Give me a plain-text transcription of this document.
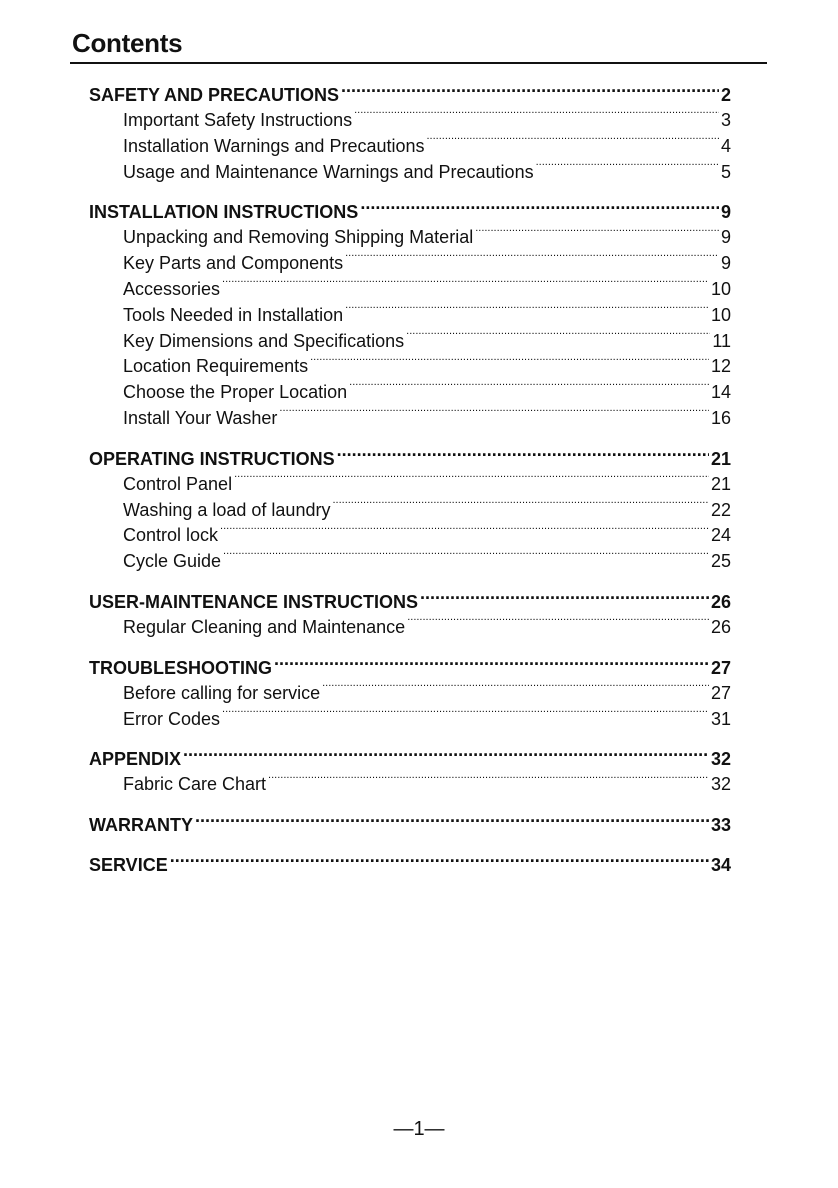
Contents
SAFETY AND PRECAUTIONS .....	2
Important Safety Instructions .....	3
Installation Warnings and Precautions .....	4
Usage and Maintenance Warnings and Precautions .....	5
INSTALLATION INSTRUCTIONS .....	9
Unpacking and Removing Shipping Material .....	9
Key Parts and Components .....	9
Accessories .....	10
Tools Needed in Installation .....	10
Key Dimensions and Specifications .....	11
Location Requirements .....	12
Choose the Proper Location .....	14
Install Your Washer .....	16
OPERATING INSTRUCTIONS .....	21
Control Panel .....	21
Washing a load of laundry .....	22
Control lock .....	24
Cycle Guide .....	25
USER-MAINTENANCE INSTRUCTIONS .....	26
Regular Cleaning and Maintenance .....	26
TROUBLESHOOTING .....	27
Before calling for service .....	27
Error Codes .....	31
APPENDIX .....	32
Fabric Care Chart .....	32
WARRANTY .....	33
SERVICE .....	34
—1—
